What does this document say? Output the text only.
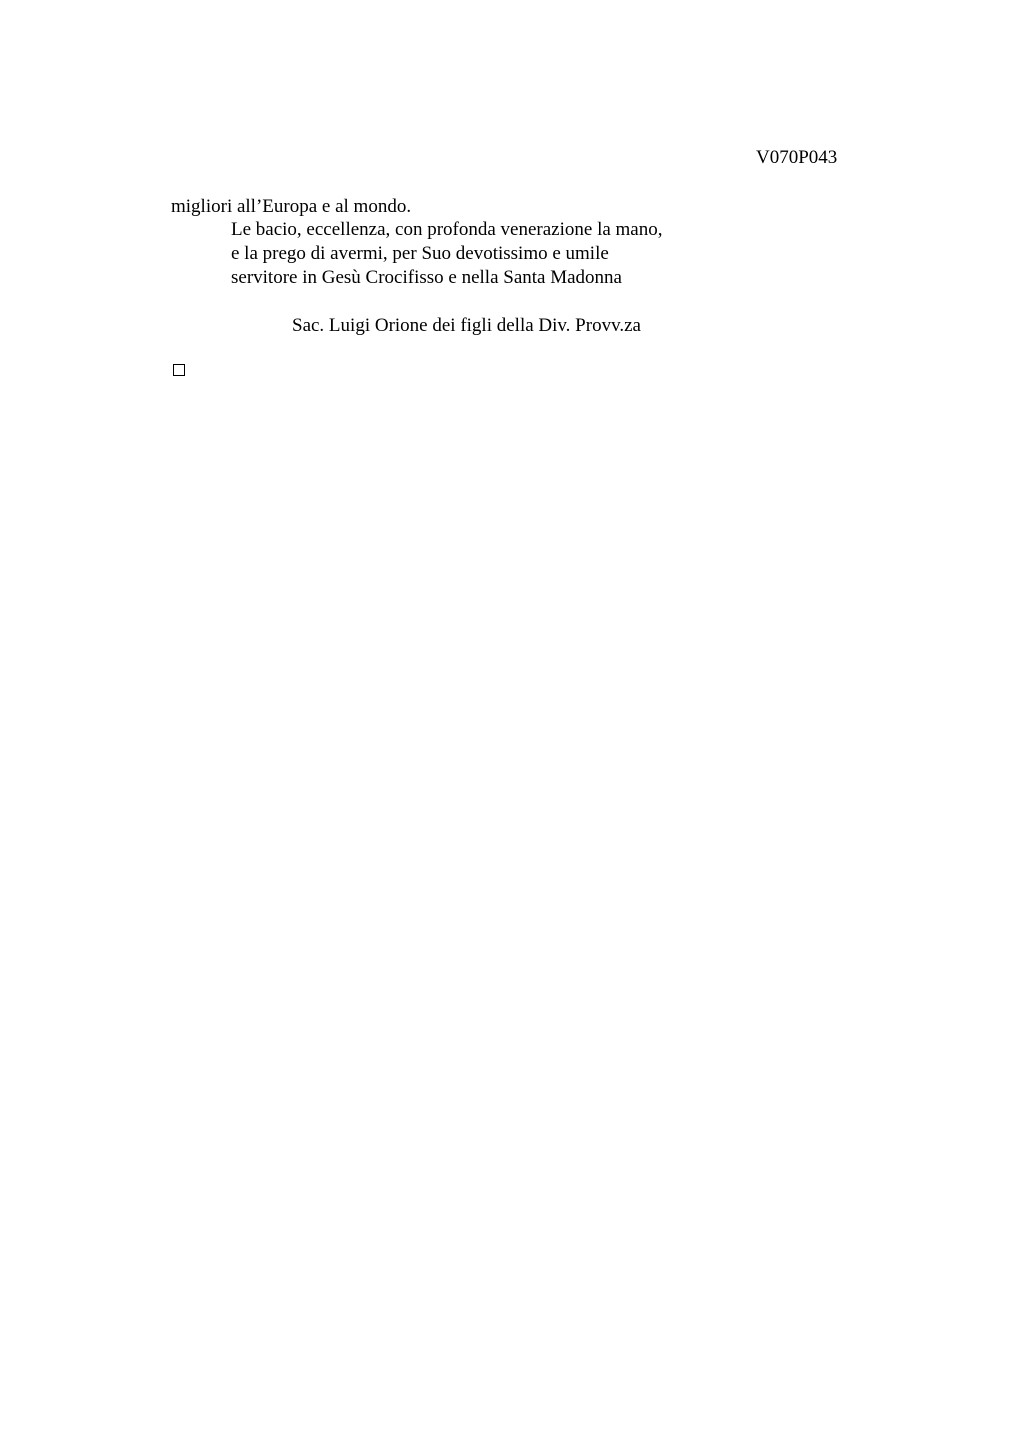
V070P043

migliori all’Europa e al mondo.

Le bacio, eccellenza, con profonda venerazione la mano,

e la prego di avermi, per Suo devotissimo e umile

servitore in Gesù Crocifisso e nella Santa Madonna

Sac. Luigi Orione dei figli della Div. Provv.za
